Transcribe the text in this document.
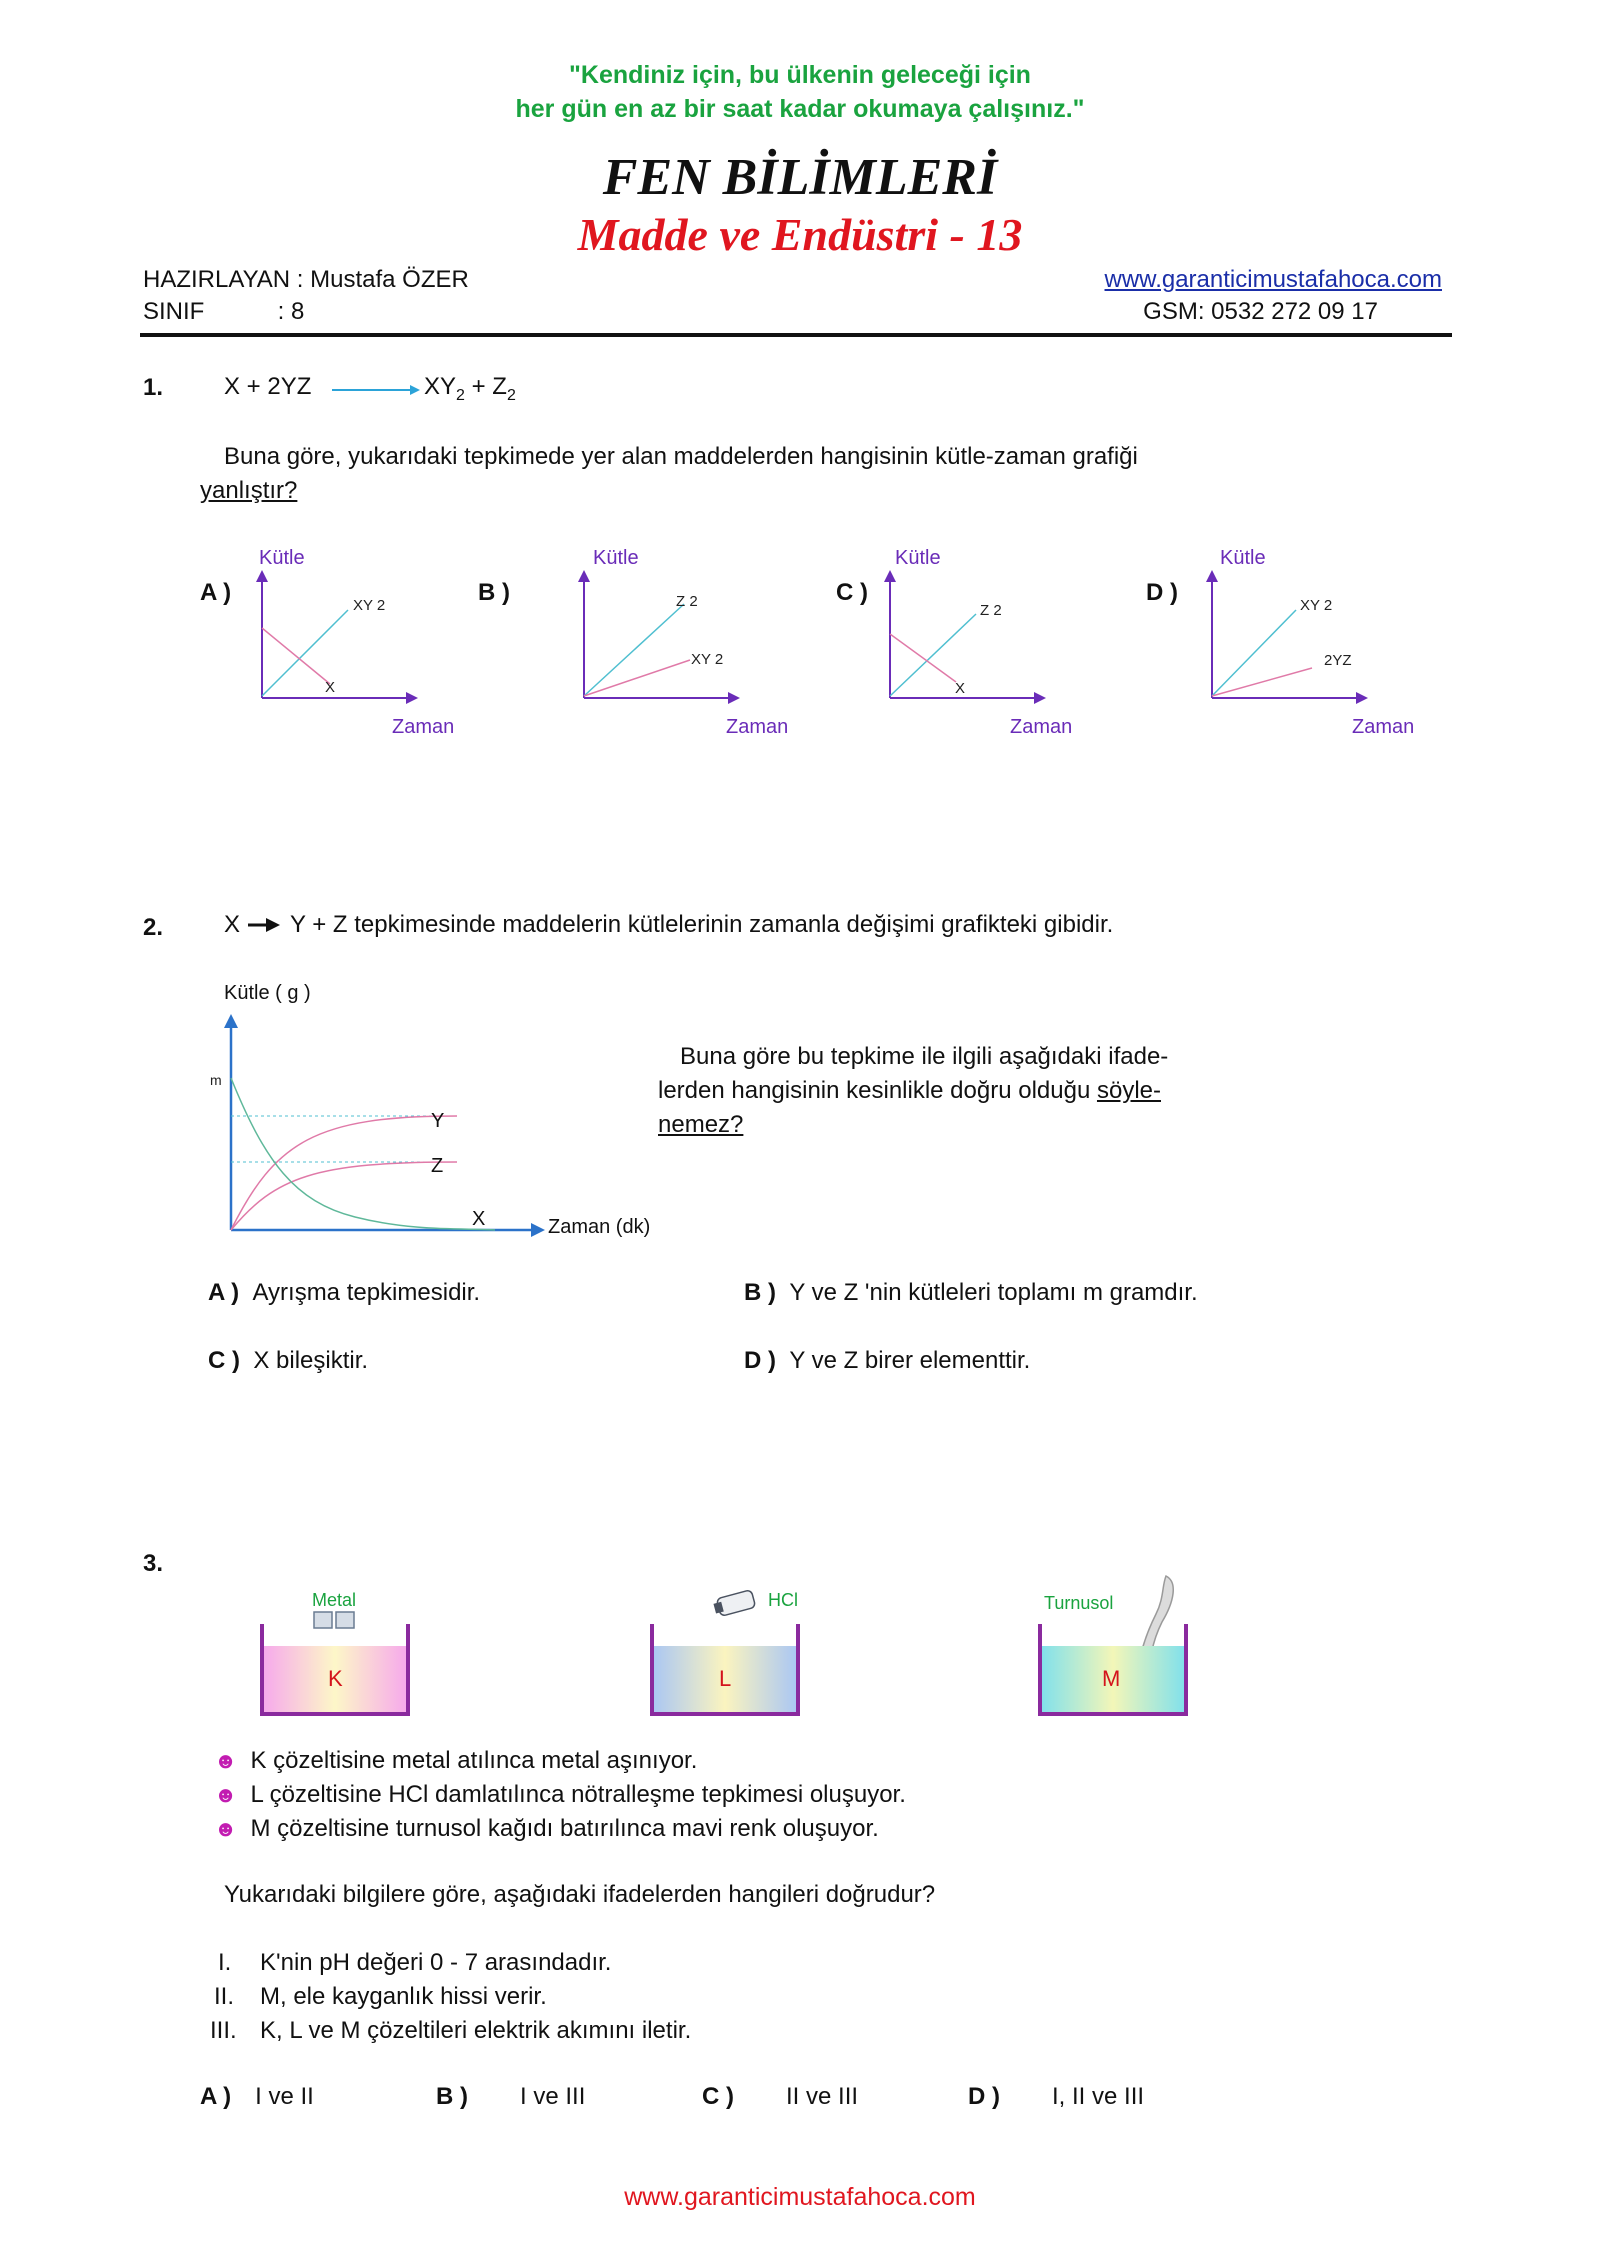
"Kendiniz için, bu ülkenin geleceği için
her gün en az bir saat kadar okumaya çalışınız."
FEN BİLİMLERİ
Madde ve Endüstri - 13
HAZIRLAYAN : Mustafa ÖZER
SINIF           : 8
www.garanticimustafahoca.com
GSM: 0532 272 09 17
1.	X + 2YZ	$XY_2 + Z_2$
Buna göre, yukarıdaki tepkimede yer alan maddelerden hangisinin kütle-zaman grafiği
yanlıştır?
A )
Kütle
Zaman
XY 2
X
B )
Kütle
Zaman
Z 2
XY 2
C )
Kütle
Zaman
Z 2
X
D )
Kütle
Zaman
XY 2
2YZ
2.	X → Y + Z tepkimesinde maddelerin kütlelerinin zamanla değişimi grafikteki gibidir.
Kütle ( g )
m
Y
Z
X	Zaman (dk)
Buna göre bu tepkime ile ilgili aşağıdaki ifade-
lerden hangisinin kesinlikle doğru olduğu söyle-
nemez?
A ) Ayrışma tepkimesidir.	B ) Y ve Z 'nin kütleleri toplamı m gramdır.
C ) X bileşiktir.	D ) Y ve Z birer elementtir.
3.
Metal
K
HCl
L
Turnusol
M
☻ K çözeltisine metal atılınca metal aşınıyor.
☻ L çözeltisine HCl damlatılınca nötralleşme tepkimesi oluşuyor.
☻ M çözeltisine turnusol kağıdı batırılınca mavi renk oluşuyor.
Yukarıdaki bilgilere göre, aşağıdaki ifadelerden hangileri doğrudur?
I.	K'nin pH değeri 0 - 7 arasındadır.
II.	M, ele kayganlık hissi verir.
III. K, L ve M çözeltileri elektrik akımını iletir.
A ) I ve II	B ) I ve III	C ) II ve III	D ) I, II ve III
www.garanticimustafahoca.com
